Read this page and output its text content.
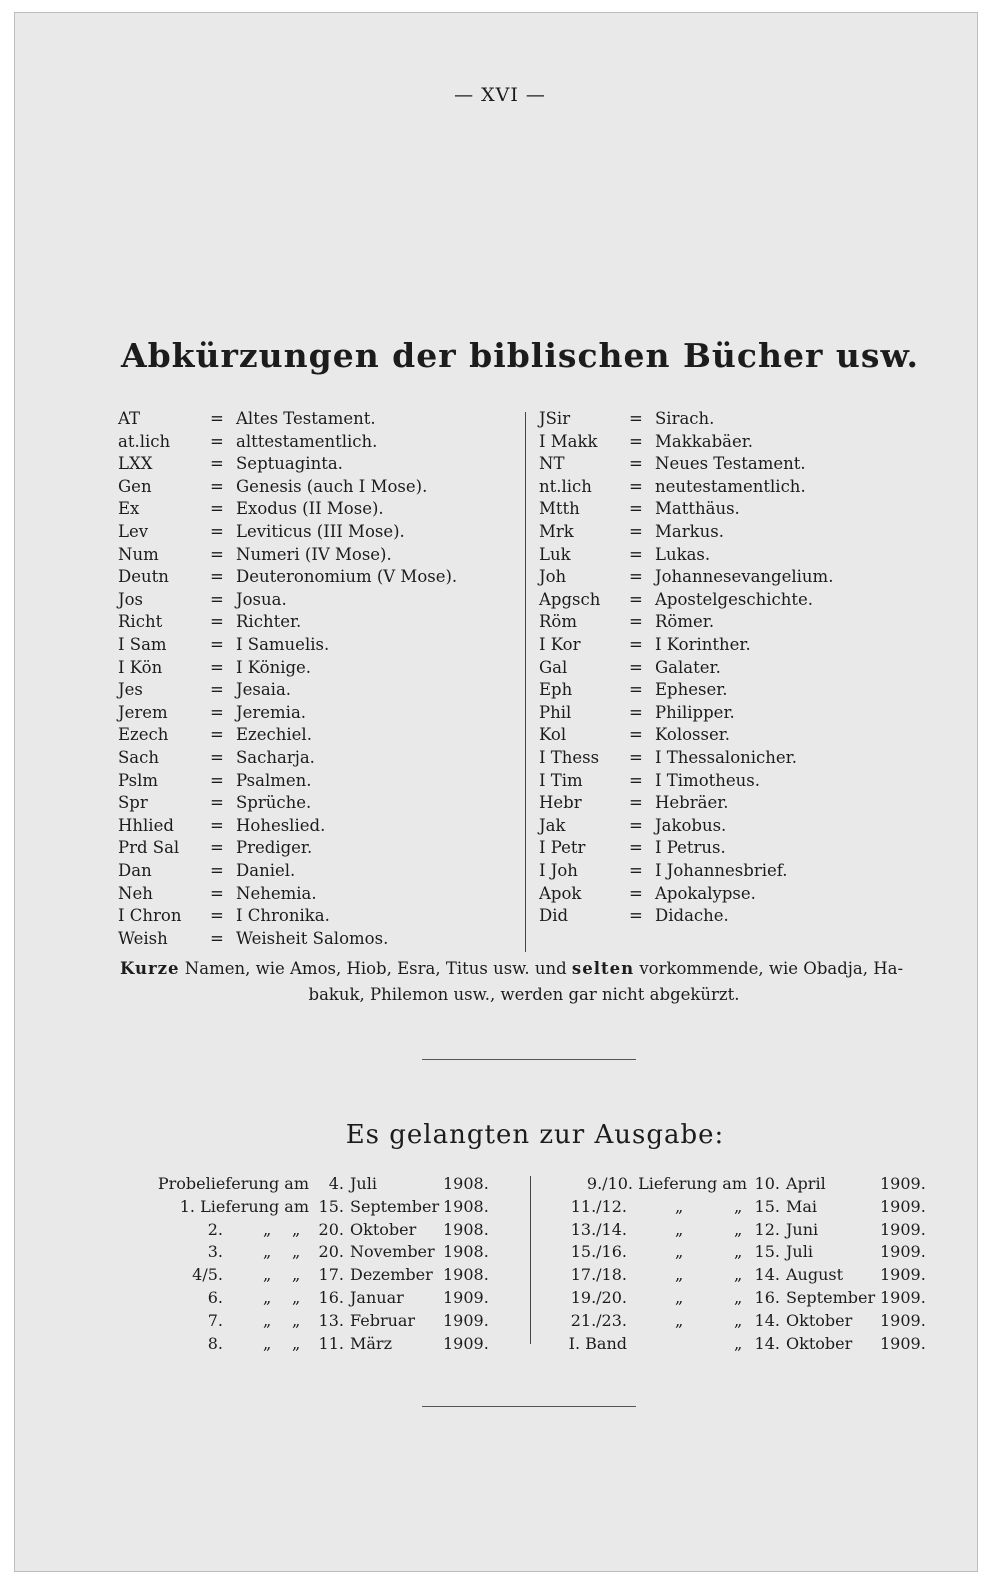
— XVI —
Abkürzungen der biblischen Bücher usw.
AT	= Altes Testament.
at.lich = alttestamentlich.
LXX	= Septuaginta.
Gen	= Genesis (auch I Mose).
Ex	= Exodus (II Mose).
Lev	= Leviticus (III Mose).
Num	= Numeri (IV Mose).
Deutn = Deuteronomium (V Mose).
Jos	= Josua.
Richt	= Richter.
I Sam	= I Samuelis.
I Kön	= I Könige.
Jes	= Jesaia.
Jerem	= Jeremia.
Ezech	= Ezechiel.
Sach	= Sacharja.
Pslm	= Psalmen.
Spr	= Sprüche.
Hhlied = Hoheslied.
Prd Sal = Prediger.
Dan	= Daniel.
Neh	= Nehemia.
I Chron = I Chronika.
Weish	= Weisheit Salomos.
JSir	= Sirach.
I Makk = Makkabäer.
NT	= Neues Testament.
nt.lich = neutestamentlich.
Mtth	= Matthäus.
Mrk	= Markus.
Luk	= Lukas.
Joh	= Johannesevangelium.
Apgsch = Apostelgeschichte.
Röm	= Römer.
I Kor	= I Korinther.
Gal	= Galater.
Eph	= Epheser.
Phil	= Philipper.
Kol	= Kolosser.
I Thess = I Thessalonicher.
I Tim	= I Timotheus.
Hebr	= Hebräer.
Jak	= Jakobus.
I Petr	= I Petrus.
I Joh	= I Johannesbrief.
Apok	= Apokalypse.
Did	= Didache.
Kurze Namen, wie Amos, Hiob, Esra, Titus usw. und selten vorkommende, wie Obadja, Ha-
bakuk, Philemon usw., werden gar nicht abgekürzt.
Es gelangten zur Ausgabe:
Probelieferung am 4. Juli	1908.
1. Lieferung am 15. September 1908.
2.	„ „ 20. Oktober 1908.
3.	„ „ 20. November 1908.
4/5.	„ „ 17. Dezember 1908.
6.	„ „ 16. Januar 1909.
7.	„ „ 13. Februar 1909.
8.	„ „ 11. März	1909.
9./10. Lieferung am 10. April	1909.
11./12.	„	„ 15. Mai	1909.
13./14.	„	„ 12. Juni	1909.
15./16.	„	„ 15. Juli	1909.
17./18.	„	„ 14. August 1909.
19./20.	„	„ 16. September 1909.
21./23.	„	„ 14. Oktober 1909.
I. Band	„ 14. Oktober 1909.
